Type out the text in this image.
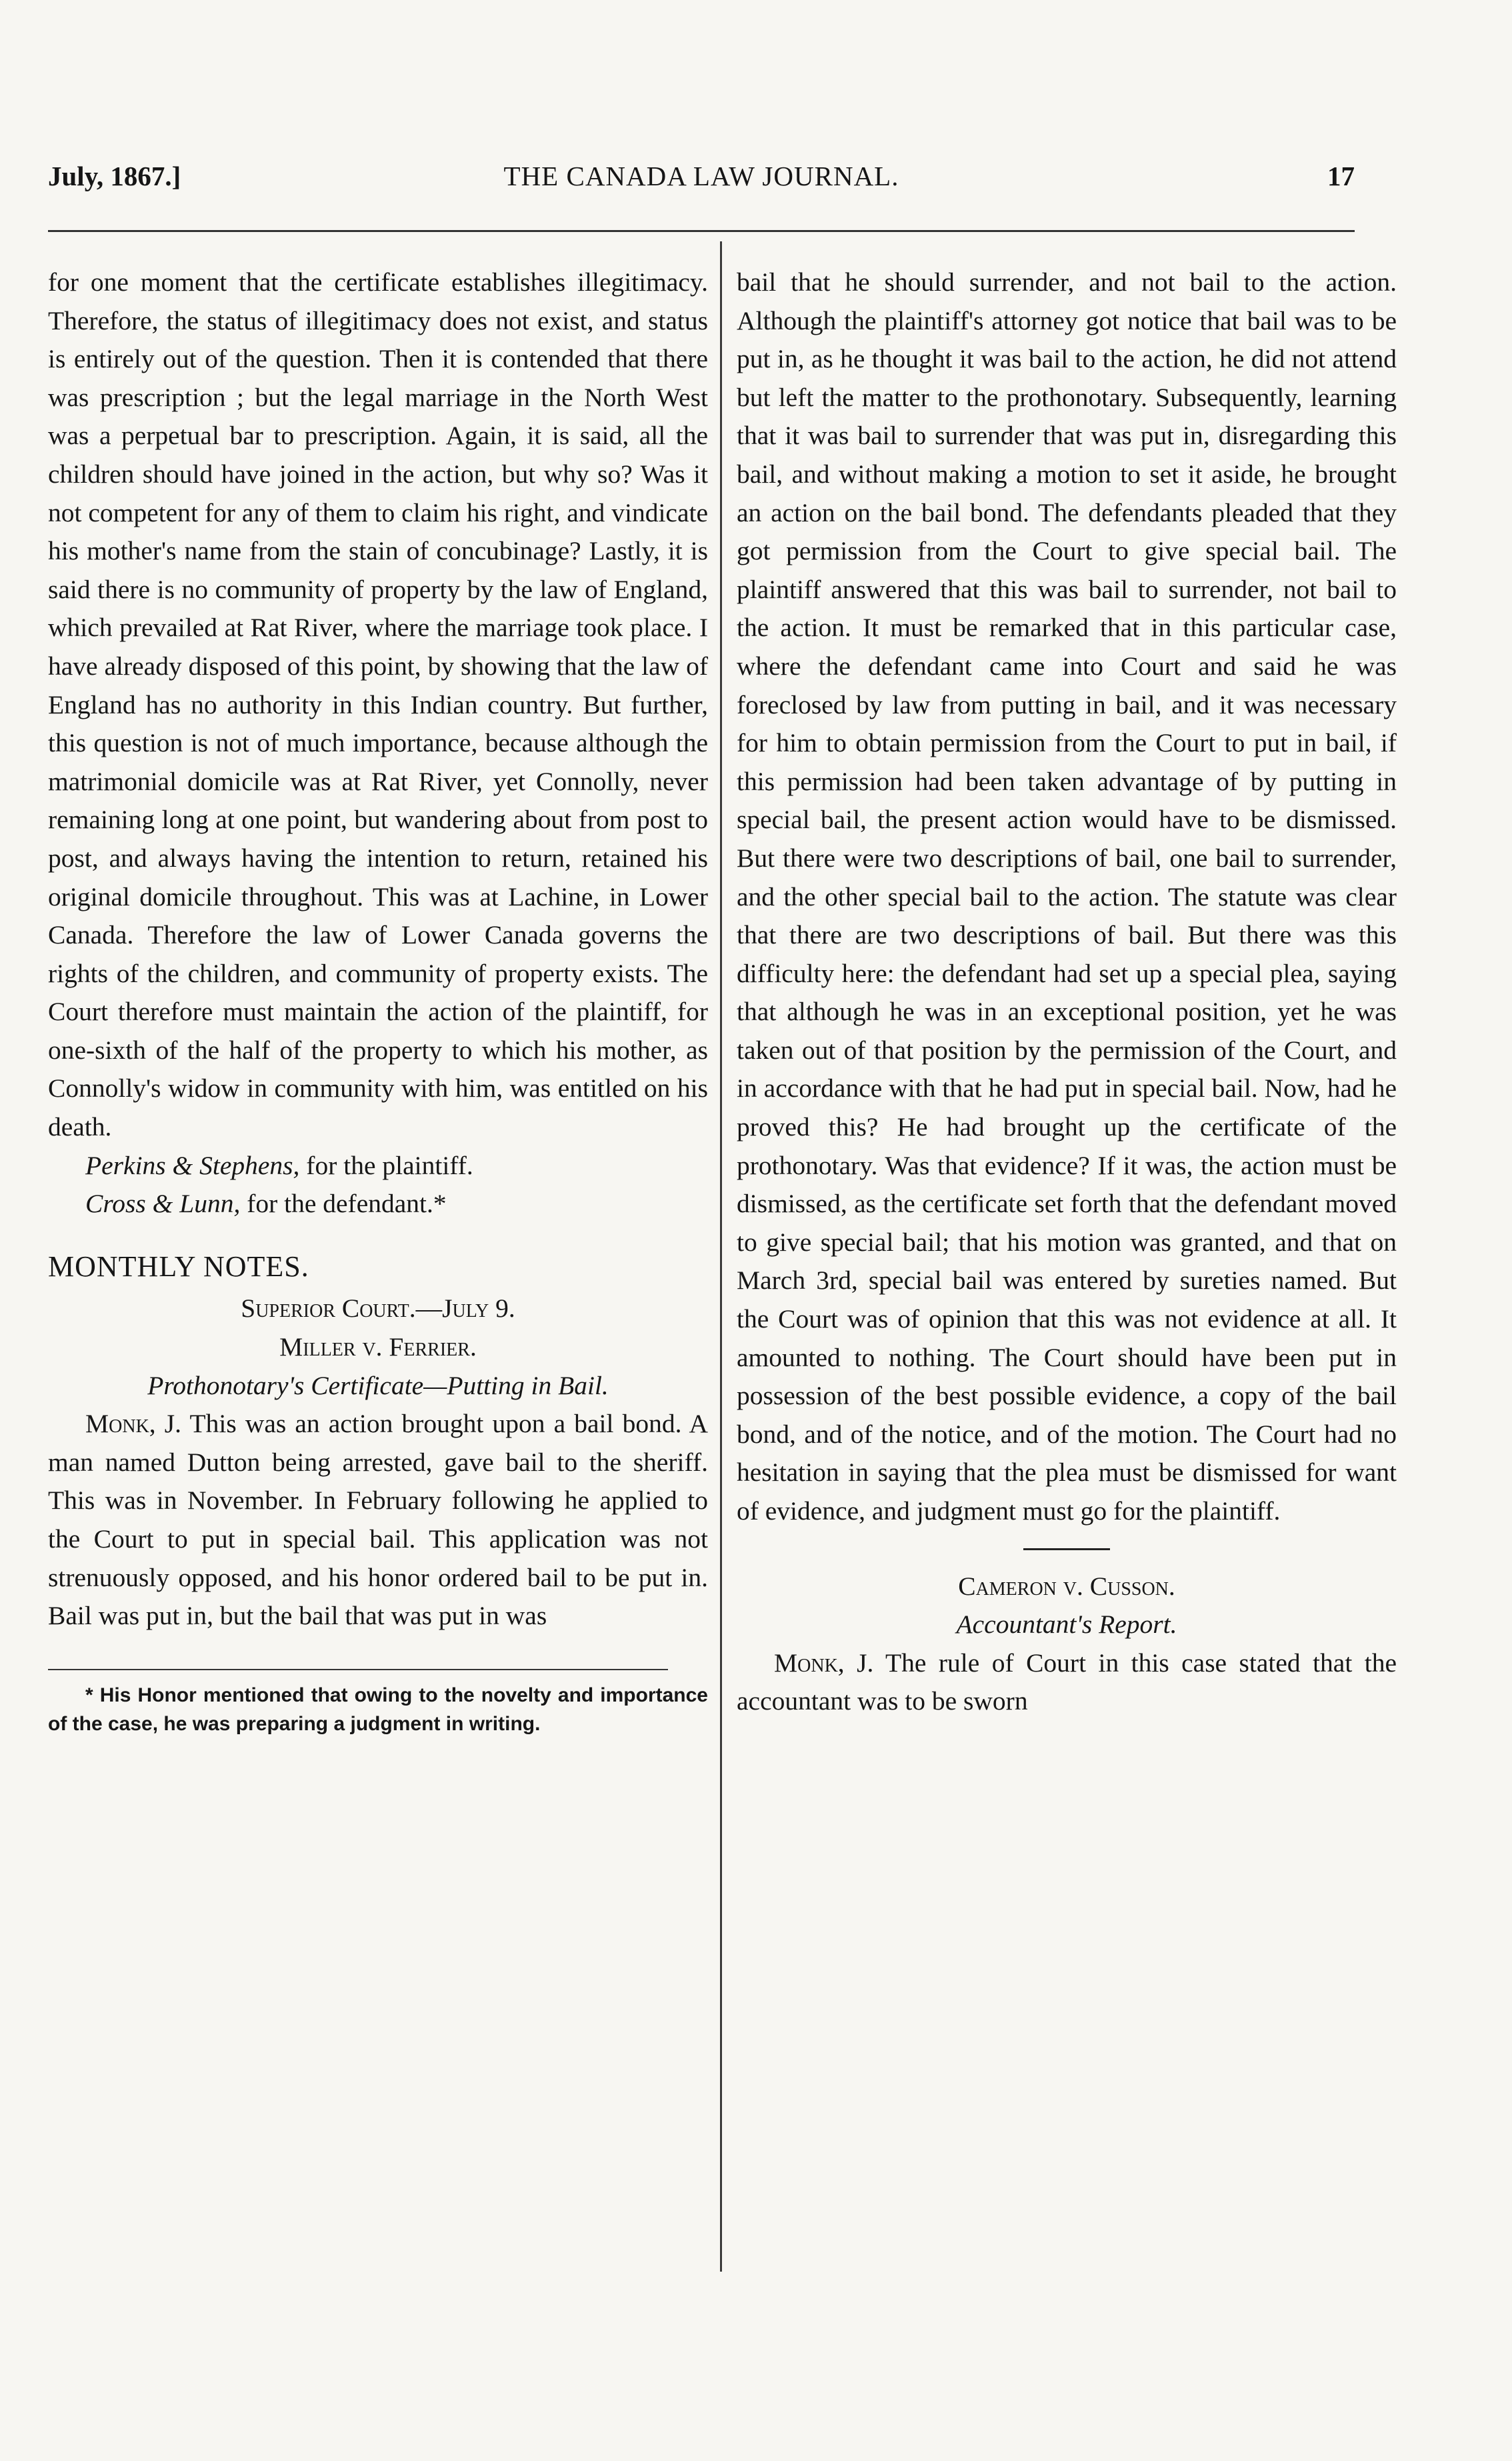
July, 1867.]	THE CANADA LAW JOURNAL.	17

for one moment that the certificate establishes illegitimacy. Therefore, the status of illegitimacy does not exist, and status is entirely out of the question. Then it is contended that there was prescription ; but the legal marriage in the North West was a perpetual bar to prescription. Again, it is said, all the children should have joined in the action, but why so? Was it not competent for any of them to claim his right, and vindicate his mother's name from the stain of concubinage? Lastly, it is said there is no community of property by the law of England, which prevailed at Rat River, where the marriage took place. I have already disposed of this point, by showing that the law of England has no authority in this Indian country. But further, this question is not of much importance, because although the matrimonial domicile was at Rat River, yet Connolly, never remaining long at one point, but wandering about from post to post, and always having the intention to return, retained his original domicile throughout. This was at Lachine, in Lower Canada. Therefore the law of Lower Canada governs the rights of the children, and community of property exists. The Court therefore must maintain the action of the plaintiff, for one-sixth of the half of the property to which his mother, as Connolly's widow in community with him, was entitled on his death.

Perkins & Stephens, for the plaintiff.

Cross & Lunn, for the defendant.*

MONTHLY NOTES.

Superior Court.—July 9.

Miller v. Ferrier.

Prothonotary's Certificate—Putting in Bail.

Monk, J. This was an action brought upon a bail bond. A man named Dutton being arrested, gave bail to the sheriff. This was in November. In February following he applied to the Court to put in special bail. This application was not strenuously opposed, and his honor ordered bail to be put in. Bail was put in, but the bail that was put in was

* His Honor mentioned that owing to the novelty and importance of the case, he was preparing a judgment in writing.

bail that he should surrender, and not bail to the action. Although the plaintiff's attorney got notice that bail was to be put in, as he thought it was bail to the action, he did not attend but left the matter to the prothonotary. Subsequently, learning that it was bail to surrender that was put in, disregarding this bail, and without making a motion to set it aside, he brought an action on the bail bond. The defendants pleaded that they got permission from the Court to give special bail. The plaintiff answered that this was bail to surrender, not bail to the action. It must be remarked that in this particular case, where the defendant came into Court and said he was foreclosed by law from putting in bail, and it was necessary for him to obtain permission from the Court to put in bail, if this permission had been taken advantage of by putting in special bail, the present action would have to be dismissed. But there were two descriptions of bail, one bail to surrender, and the other special bail to the action. The statute was clear that there are two descriptions of bail. But there was this difficulty here: the defendant had set up a special plea, saying that although he was in an exceptional position, yet he was taken out of that position by the permission of the Court, and in accordance with that he had put in special bail. Now, had he proved this? He had brought up the certificate of the prothonotary. Was that evidence? If it was, the action must be dismissed, as the certificate set forth that the defendant moved to give special bail; that his motion was granted, and that on March 3rd, special bail was entered by sureties named. But the Court was of opinion that this was not evidence at all. It amounted to nothing. The Court should have been put in possession of the best possible evidence, a copy of the bail bond, and of the notice, and of the motion. The Court had no hesitation in saying that the plea must be dismissed for want of evidence, and judgment must go for the plaintiff.

Cameron v. Cusson.

Accountant's Report.

Monk, J. The rule of Court in this case stated that the accountant was to be sworn
